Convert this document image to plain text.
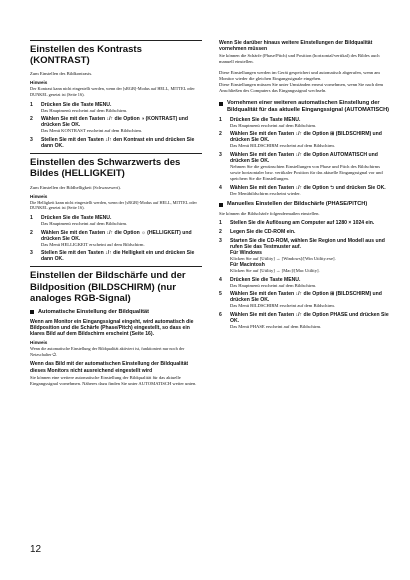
Einstellen des Kontrasts (KONTRAST)
Zum Einstellen des Bildkontrasts.
Hinweis
Der Kontrast kann nicht eingestellt werden, wenn der [sRGB]-Modus auf HELL, MITTEL oder DUNKEL gesetzt ist (Seite 16).
1 Drücken Sie die Taste MENU.
Das Hauptmenü erscheint auf dem Bildschirm.
2 Wählen Sie mit den Tasten ↓/↑ die Option ◑ (KONTRAST) und drücken Sie OK.
Das Menü KONTRAST erscheint auf dem Bildschirm.
3 Stellen Sie mit den Tasten ↓/↑ den Kontrast ein und drücken Sie dann OK.
Einstellen des Schwarzwerts des Bildes (HELLIGKEIT)
Zum Einstellen der Bildhelligkeit (Schwarzwert).
Hinweis
Die Helligkeit kann nicht eingestellt werden, wenn der [sRGB]-Modus auf HELL, MITTEL oder DUNKEL gesetzt ist (Seite 16).
1 Drücken Sie die Taste MENU.
Das Hauptmenü erscheint auf dem Bildschirm.
2 Wählen Sie mit den Tasten ↓/↑ die Option ☼ (HELLIGKEIT) und drücken Sie OK.
Das Menü HELLIGKEIT erscheint auf dem Bildschirm.
3 Stellen Sie mit den Tasten ↓/↑ die Helligkeit ein und drücken Sie dann OK.
Einstellen der Bildschärfe und der Bildposition (BILDSCHIRM) (nur analoges RGB-Signal)
Automatische Einstellung der Bildqualität
Wenn am Monitor ein Eingangssignal eingeht, wird automatisch die Bildposition und die Schärfe (Phase/Pitch) eingestellt, so dass ein klares Bild auf dem Bildschirm erscheint (Seite 16).
Hinweis
Wenn die automatische Einstellung der Bildqualität aktiviert ist, funktioniert nur noch der Netzschalter ⏻.
Wenn das Bild mit der automatischen Einstellung der Bildqualität dieses Monitors nicht ausreichend eingestellt wird
Sie können eine weitere automatische Einstellung der Bildqualität für das aktuelle Eingangssignal vornehmen. Näheres dazu finden Sie unter AUTOMATISCH weiter unten.
Wenn Sie darüber hinaus weitere Einstellungen der Bildqualität vornehmen müssen
Sie können die Schärfe (Phase/Pitch) und Position (horizontal/vertikal) des Bildes auch manuell einstellen.
Diese Einstellungen werden im Gerät gespeichert und automatisch abgerufen, wenn am Monitor wieder die gleichen Eingangssignale eingehen.
Diese Einstellungen müssen Sie unter Umständen erneut vornehmen, wenn Sie nach dem Anschließen des Computers das Eingangssignal wechseln.
Vornehmen einer weiteren automatischen Einstellung der Bildqualität für das aktuelle Eingangssignal (AUTOMATISCH)
1 Drücken Sie die Taste MENU.
Das Hauptmenü erscheint auf dem Bildschirm.
2 Wählen Sie mit den Tasten ↓/↑ die Option ⊞ (BILDSCHIRM) und drücken Sie OK.
Das Menü BILDSCHIRM erscheint auf dem Bildschirm.
3 Wählen Sie mit den Tasten ↓/↑ die Option AUTOMATISCH und drücken Sie OK.
Nehmen Sie die gewünschten Einstellungen von Phase und Pitch des Bildschirms sowie horizontaler bzw. vertikaler Position für das aktuelle Eingangssignal vor und speichern Sie die Einstellungen.
4 Wählen Sie mit den Tasten ↓/↑ die Option ⮌ und drücken Sie OK.
Der Menübildschirm erscheint wieder.
Manuelles Einstellen der Bildschärfe (PHASE/PITCH)
Sie können die Bildschärfe folgendermaßen einstellen.
1 Stellen Sie die Auflösung am Computer auf 1280 × 1024 ein.
2 Legen Sie die CD-ROM ein.
3 Starten Sie die CD-ROM, wählen Sie Region und Modell aus und rufen Sie das Testmuster auf.
Für Windows
Klicken Sie auf [Utility] → [Windows]/[Win Utility.exe].
Für Macintosh
Klicken Sie auf [Utility] → [Mac]/[Mac Utility].
4 Drücken Sie die Taste MENU.
Das Hauptmenü erscheint auf dem Bildschirm.
5 Wählen Sie mit den Tasten ↓/↑ die Option ⊞ (BILDSCHIRM) und drücken Sie OK.
Das Menü BILDSCHIRM erscheint auf dem Bildschirm.
6 Wählen Sie mit den Tasten ↓/↑ die Option PHASE und drücken Sie OK.
Das Menü PHASE erscheint auf dem Bildschirm.
12
